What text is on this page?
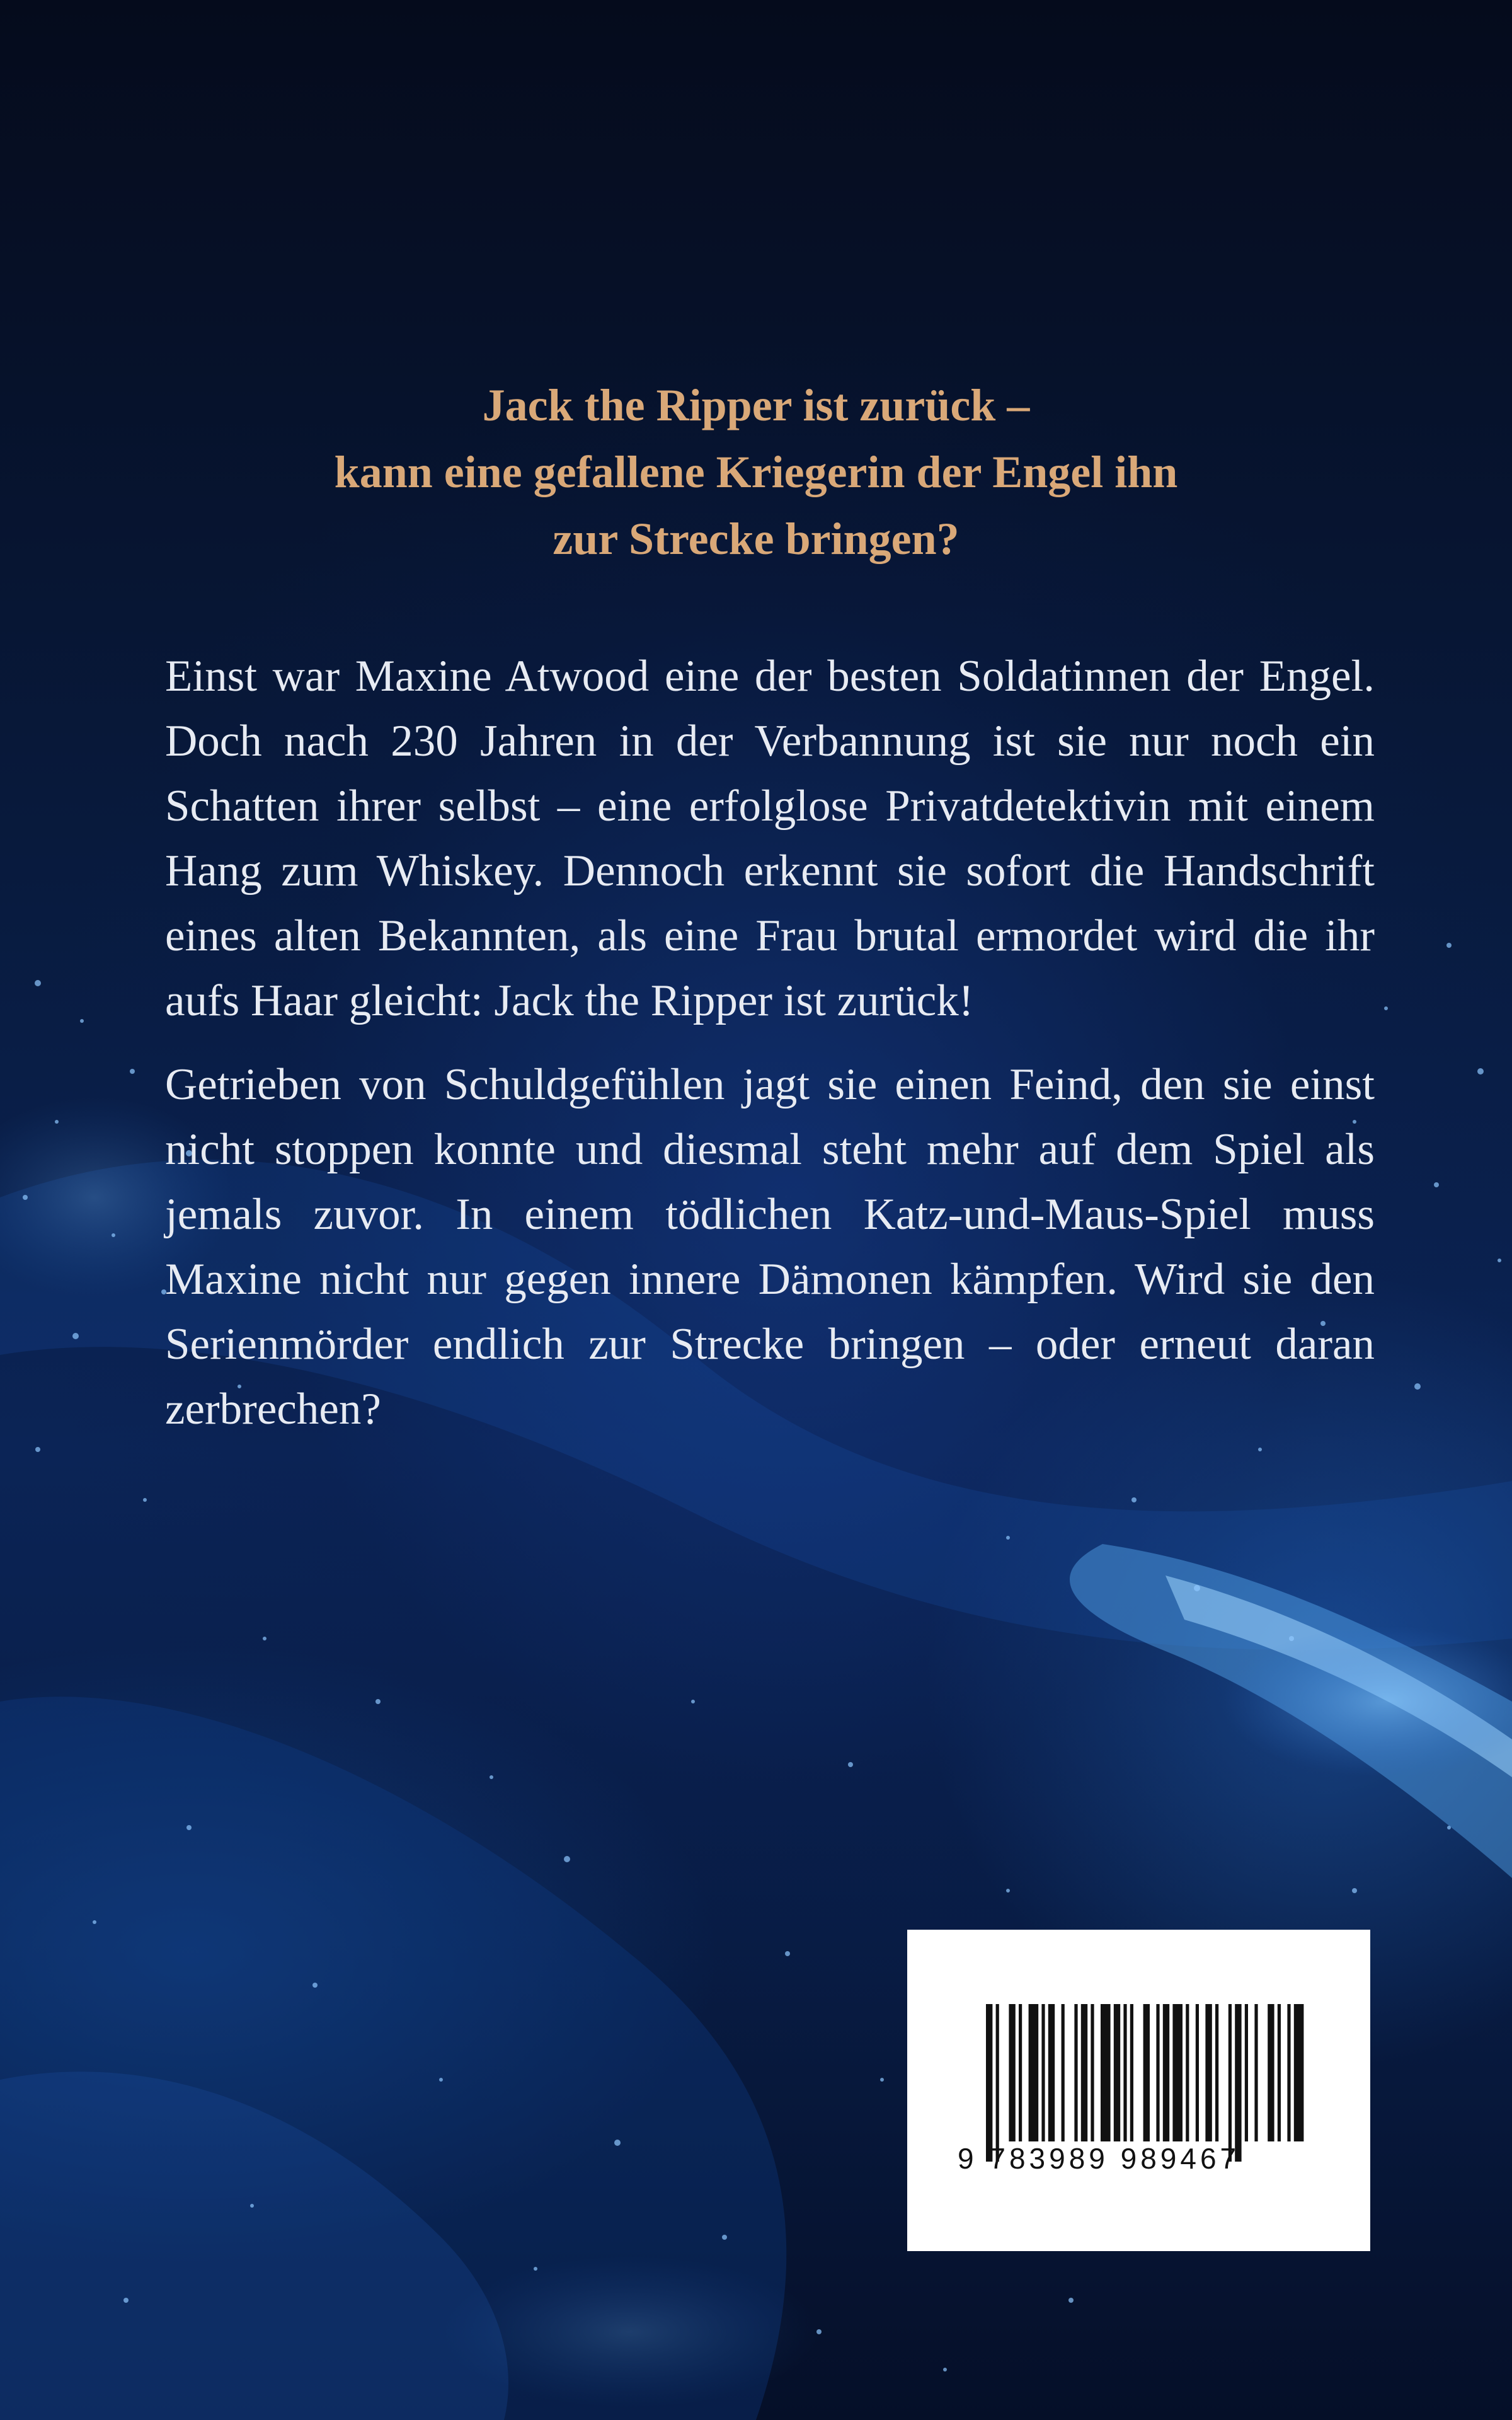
Jack the Ripper ist zurück –
kann eine gefallene Kriegerin der Engel ihn
zur Strecke bringen?

Einst war Maxine Atwood eine der besten Soldatinnen der Engel. Doch nach 230 Jahren in der Verbannung ist sie nur noch ein Schatten ihrer selbst – eine erfolglose Privatdetektivin mit einem Hang zum Whiskey. Dennoch erkennt sie sofort die Handschrift eines alten Bekannten, als eine Frau brutal ermordet wird die ihr aufs Haar gleicht: Jack the Ripper ist zurück!

Getrieben von Schuldgefühlen jagt sie einen Feind, den sie einst nicht stoppen konnte und diesmal steht mehr auf dem Spiel als jemals zuvor. In einem tödlichen Katz-und-Maus-Spiel muss Maxine nicht nur gegen innere Dämonen kämpfen. Wird sie den Serienmörder endlich zur Strecke bringen – oder erneut daran zerbrechen?

9 783989 989467
